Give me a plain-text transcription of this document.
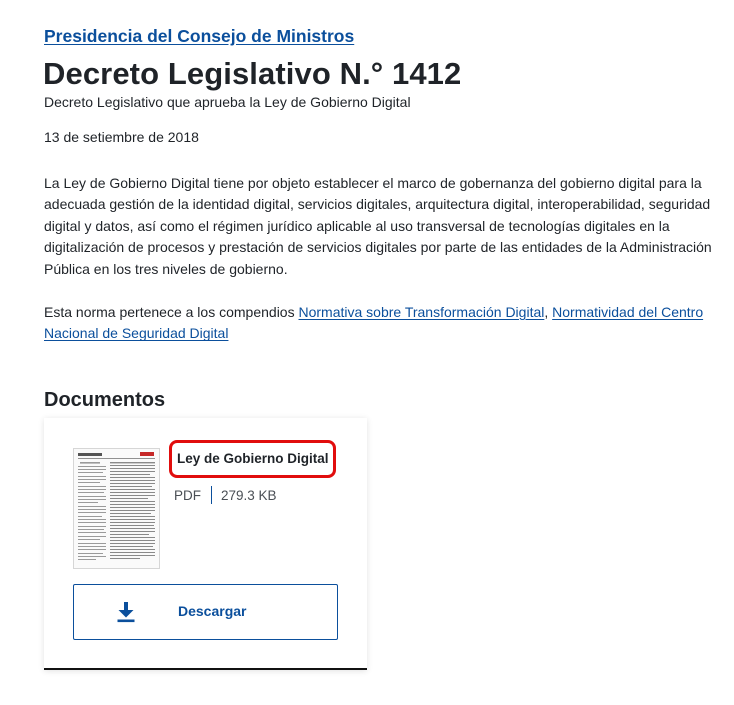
Presidencia del Consejo de Ministros
Decreto Legislativo N.° 1412

Decreto Legislativo que aprueba la Ley de Gobierno Digital

13 de setiembre de 2018

La Ley de Gobierno Digital tiene por objeto establecer el marco de gobernanza del gobierno digital para la adecuada gestión de la identidad digital, servicios digitales, arquitectura digital, interoperabilidad, seguridad digital y datos, así como el régimen jurídico aplicable al uso transversal de tecnologías digitales en la digitalización de procesos y prestación de servicios digitales por parte de las entidades de la Administración Pública en los tres niveles de gobierno.

Esta norma pertenece a los compendios Normativa sobre Transformación Digital, Normatividad del Centro Nacional de Seguridad Digital

Documentos
Ley de Gobierno Digital
PDF 279.3 KB
Descargar
